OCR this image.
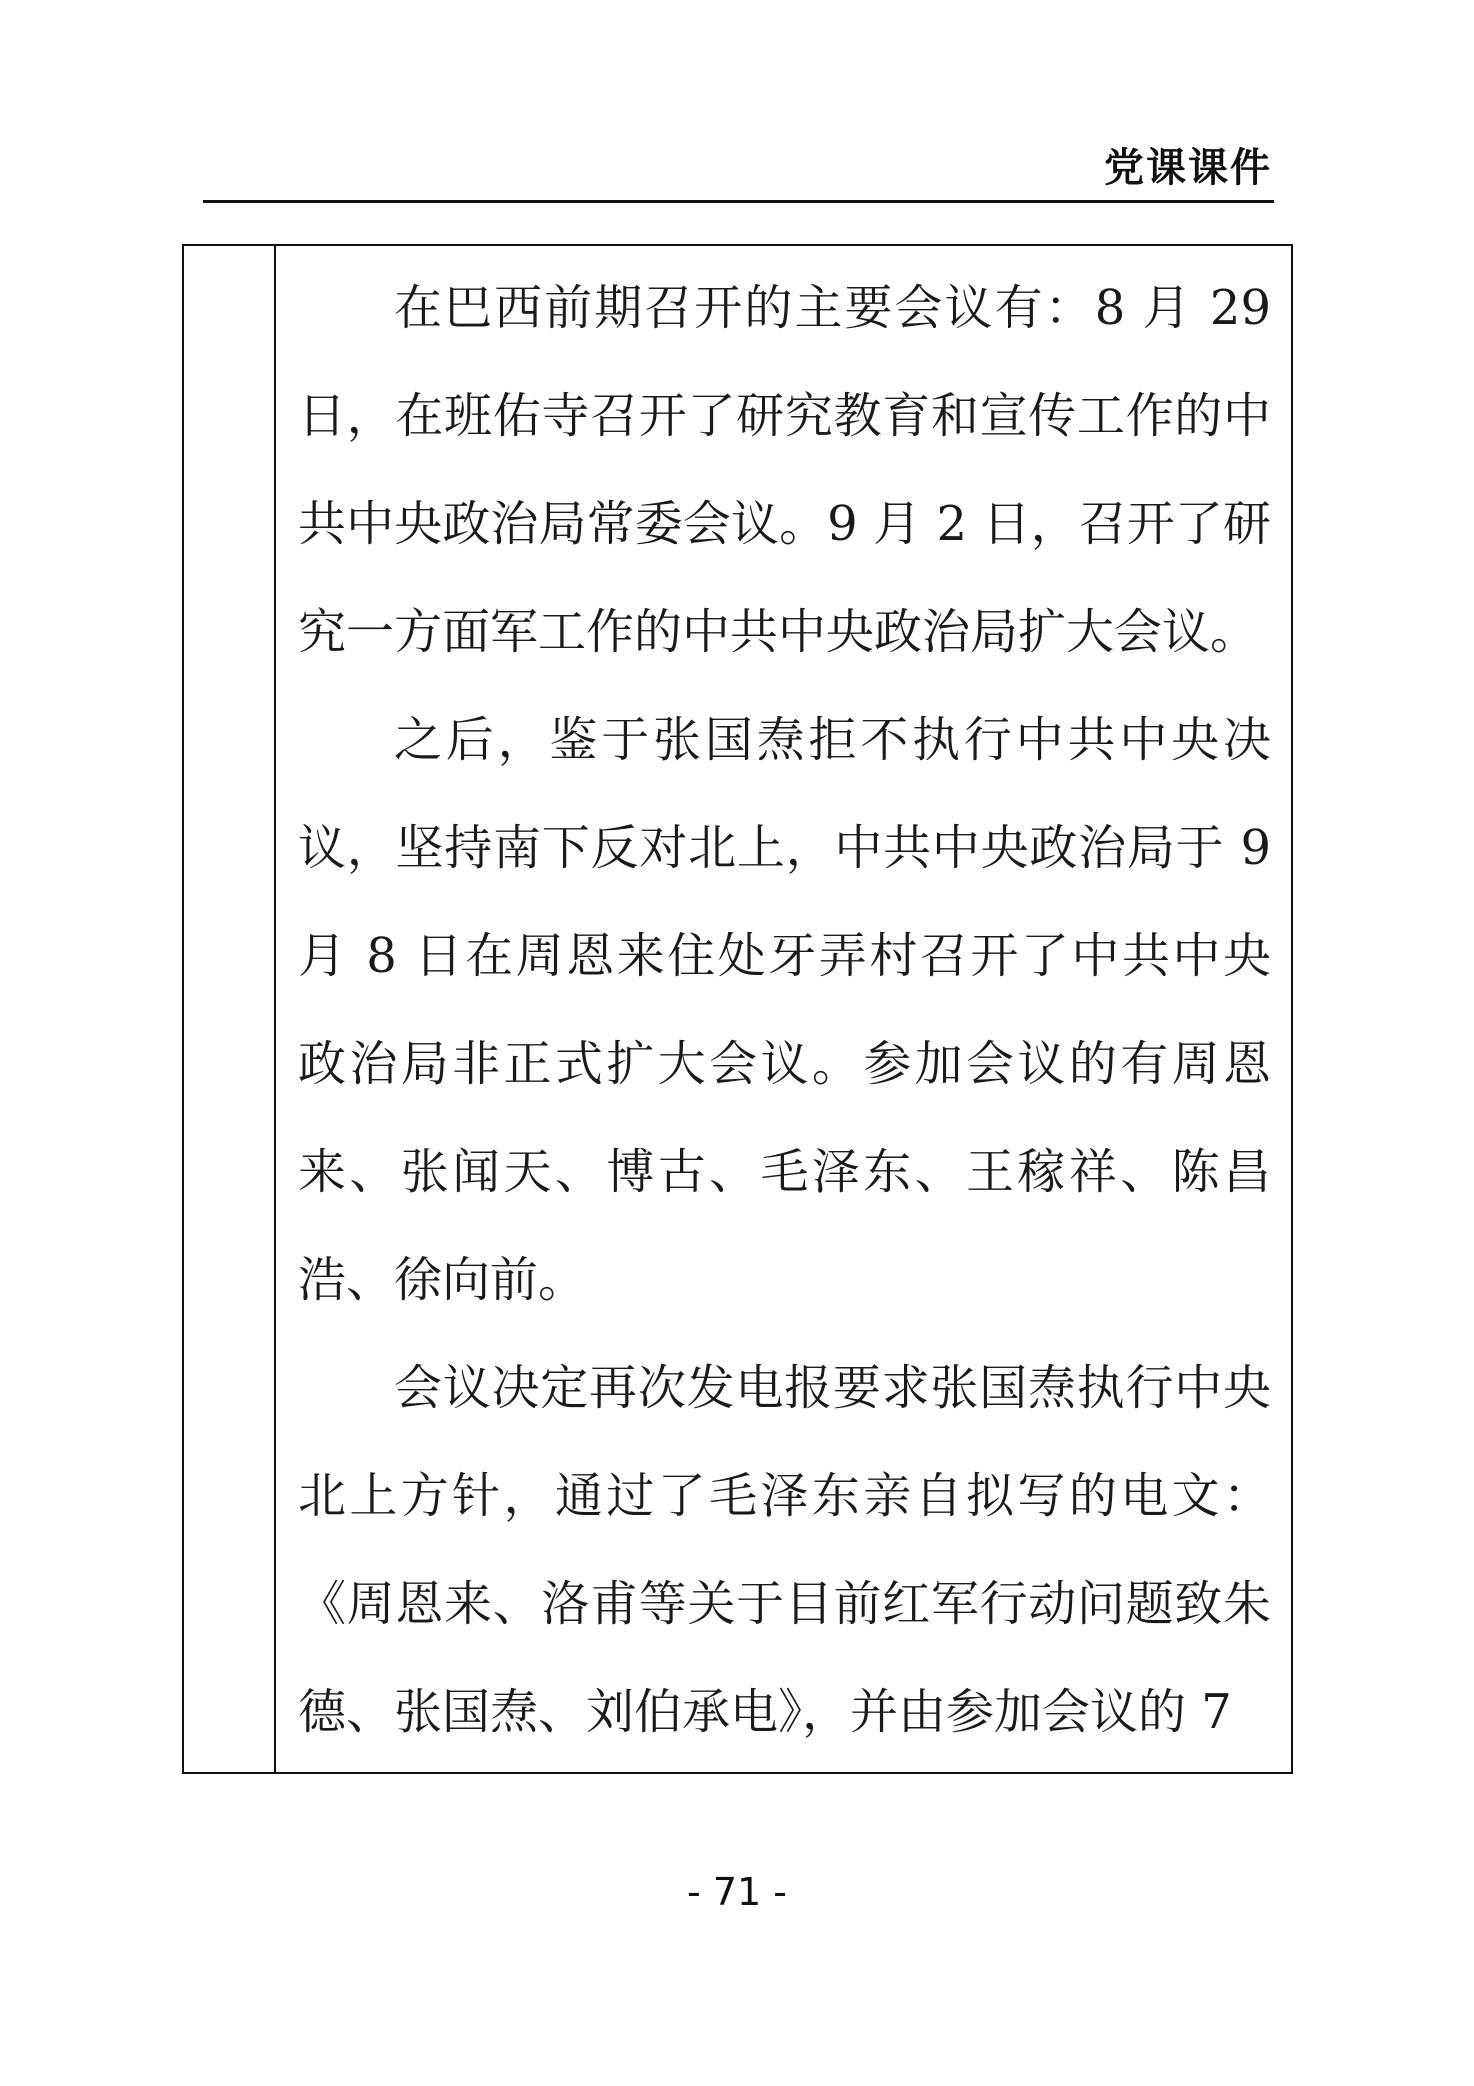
党课课件

在巴西前期召开的主要会议有：8 月 29 日，在班佑寺召开了研究教育和宣传工作的中共中央政治局常委会议。9 月 2 日，召开了研究一方面军工作的中共中央政治局扩大会议。

之后，鉴于张国焘拒不执行中共中央决议，坚持南下反对北上，中共中央政治局于 9 月 8 日在周恩来住处牙弄村召开了中共中央政治局非正式扩大会议。参加会议的有周恩来、张闻天、博古、毛泽东、王稼祥、陈昌浩、徐向前。

会议决定再次发电报要求张国焘执行中央北上方针，通过了毛泽东亲自拟写的电文：《周恩来、洛甫等关于目前红军行动问题致朱德、张国焘、刘伯承电》，并由参加会议的 7

- 71 -
